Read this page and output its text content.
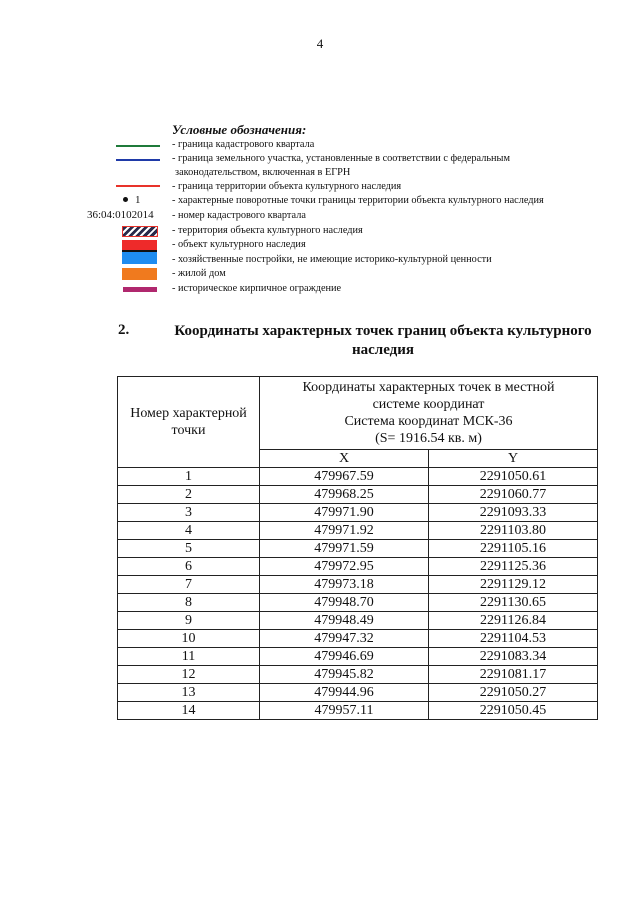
4
Условные обозначения:
- граница кадастрового квартала
- граница земельного участка, установленные в соответствии с федеральным
законодательством, включенная в ЕГРН
- граница территории объекта культурного наследия
1	- характерные поворотные точки границы территории объекта культурного наследия
36:04:0102014 - номер кадастрового квартала
- территория объекта культурного наследия
- объект культурного наследия
- хозяйственные постройки, не имеющие историко-культурной ценности
- жилой дом
- историческое кирпичное ограждение
2.	Координаты характерных точек границ объекта культурного
наследия
Номер характерной точки	Координаты характерных точек в местной
системе координат
Система координат МСК-36
(S= 1916.54 кв. м)	

	X	Y
1	479967.59	2291050.61
2	479968.25	2291060.77
3	479971.90	2291093.33
4	479971.92	2291103.80
5	479971.59	2291105.16
6	479972.95	2291125.36
7	479973.18	2291129.12
8	479948.70	2291130.65
9	479948.49	2291126.84
10	479947.32	2291104.53
11	479946.69	2291083.34
12	479945.82	2291081.17
13	479944.96	2291050.27
14	479957.11	2291050.45
